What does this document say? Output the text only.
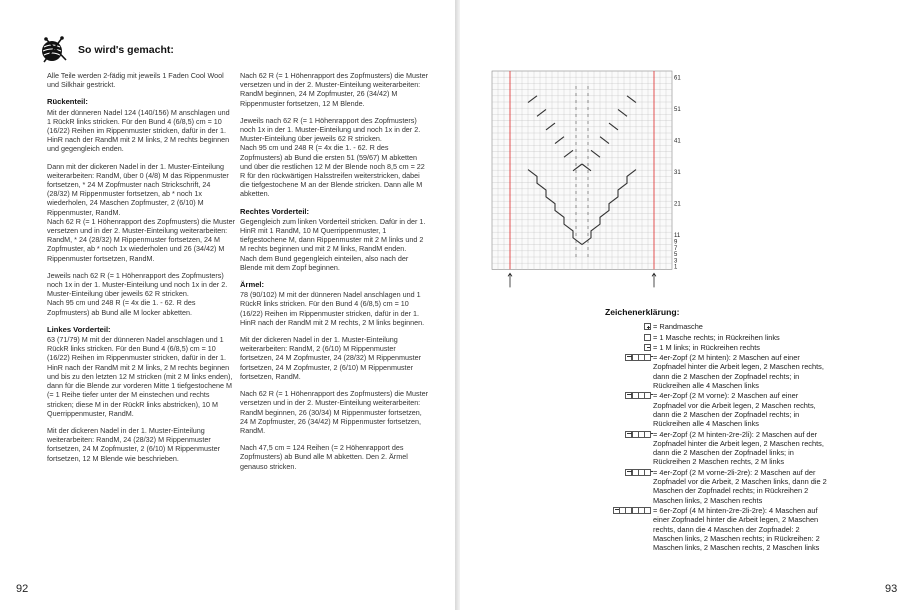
So wird's gemacht:

Alle Teile werden 2-fädig mit jeweils 1 Faden Cool Wool und Silkhair gestrickt.

Rückenteil:
Mit der dünneren Nadel 124 (140/156) M anschlagen und 1 RückR links stricken. Für den Bund 4 (6/8,5) cm = 10 (16/22) Reihen im Rippenmuster stricken, dafür in der 1. HinR nach der RandM mit 2 M links, 2 M rechts beginnen und gegengleich enden.

Dann mit der dickeren Nadel in der 1. Muster-Einteilung weiterarbeiten: RandM, über 0 (4/8) M das Rippenmuster fortsetzen, * 24 M Zopfmuster nach Strickschrift, 24 (28/32) M Rippenmuster fortsetzen, ab * noch 1x wiederholen, 24 Maschen Zopfmuster, 2 (6/10) M Rippenmuster, RandM.
Nach 62 R (= 1 Höhenrapport des Zopfmusters) die Muster versetzen und in der 2. Muster-Einteilung weiterarbeiten: RandM, * 24 (28/32) M Rippenmuster fortsetzen, 24 M Zopfmuster, ab * noch 1x wiederholen und 26 (34/42) M Rippenmuster fortsetzen, RandM.

Jeweils nach 62 R (= 1 Höhenrapport des Zopfmusters) noch 1x in der 1. Muster-Einteilung und noch 1x in der 2. Muster-Einteilung über jeweils 62 R stricken.
Nach 95 cm und 248 R (= 4x die 1. - 62. R des Zopfmusters) ab Bund alle M locker abketten.

Linkes Vorderteil:
63 (71/79) M mit der dünneren Nadel anschlagen und 1 RückR links stricken. Für den Bund 4 (6/8,5) cm = 10 (16/22) Reihen im Rippenmuster stricken, dafür in der 1. HinR nach der RandM mit 2 M links, 2 M rechts beginnen und bis zu den letzten 12 M stricken (mit 2 M links enden), dann für die Blende zur vorderen Mitte 1 tiefgestochene M (= 1 Reihe tiefer unter der M einstechen und rechts stricken; diese M in der RückR links abstricken), 10 M Querrippenmuster, RandM.

Mit der dickeren Nadel in der 1. Muster-Einteilung weiterarbeiten: RandM, 24 (28/32) M Rippenmuster fortsetzen, 24 M Zopfmuster, 2 (6/10) M Rippenmuster fortsetzen, 12 M Blende wie beschrieben.

Nach 62 R (= 1 Höhenrapport des Zopfmusters) die Muster versetzen und in der 2. Muster-Einteilung weiterarbeiten: RandM beginnen, 24 M Zopfmuster, 26 (34/42) M Rippenmuster fortsetzen, 12 M Blende.

Jeweils nach 62 R (= 1 Höhenrapport des Zopfmusters) noch 1x in der 1. Muster-Einteilung und noch 1x in der 2. Muster-Einteilung über jeweils 62 R stricken.
Nach 95 cm und 248 R (= 4x die 1. - 62. R des Zopfmusters) ab Bund die ersten 51 (59/67) M abketten und über die restlichen 12 M der Blende noch 8,5 cm = 22 R für den rückwärtigen Halsstreifen weiterstricken, dabei die tiefgestochene M an der Blende stricken. Dann alle M abketten.

Rechtes Vorderteil:
Gegengleich zum linken Vorderteil stricken. Dafür in der 1. HinR mit 1 RandM, 10 M Querrippenmuster, 1 tiefgestochene M, dann Rippenmuster mit 2 M links und 2 M rechts beginnen und mit 2 M links, RandM enden.
Nach dem Bund gegengleich einteilen, also nach der Blende mit dem Zopf beginnen.

Ärmel:
78 (90/102) M mit der dünneren Nadel anschlagen und 1 RückR links stricken. Für den Bund 4 (6/8,5) cm = 10 (16/22) Reihen im Rippenmuster stricken, dafür in der 1. HinR nach der RandM mit 2 M rechts, 2 M links beginnen.

Mit der dickeren Nadel in der 1. Muster-Einteilung weiterarbeiten: RandM, 2 (6/10) M Rippenmuster fortsetzen, 24 M Zopfmuster, 24 (28/32) M Rippenmuster fortsetzen, 24 M Zopfmuster, 2 (6/10) M Rippenmuster fortsetzen, RandM.

Nach 62 R (= 1 Höhenrapport des Zopfmusters) die Muster versetzen und in der 2. Muster-Einteilung weiterarbeiten: RandM beginnen, 26 (30/34) M Rippenmuster fortsetzen, 24 M Zopfmuster, 26 (34/42) M Rippenmuster fortsetzen, RandM.

Nach 47,5 cm = 124 Reihen (= 2 Höhenrapport des Zopfmusters) ab Bund alle M abketten. Den 2. Ärmel genauso stricken.

92
61
51
41
31
21
11
9
7
5
3
1
Zeichenerklärung:
= Randmasche
= 1 Masche rechts; in Rückreihen links
= 1 M links; in Rückreihen rechts
= 4er-Zopf (2 M hinten): 2 Maschen auf einer Zopfnadel hinter die Arbeit legen, 2 Maschen rechts, dann die 2 Maschen der Zopfnadel rechts; in Rückreihen alle 4 Maschen links
= 4er-Zopf (2 M vorne): 2 Maschen auf einer Zopfnadel vor die Arbeit legen, 2 Maschen rechts, dann die 2 Maschen der Zopfnadel rechts; in Rückreihen alle 4 Maschen links
= 4er-Zopf (2 M hinten-2re-2li): 2 Maschen auf der Zopfnadel hinter die Arbeit legen, 2 Maschen rechts, dann die 2 Maschen der Zopfnadel links; in Rückreihen 2 Maschen rechts, 2 M links
= 4er-Zopf (2 M vorne-2li-2re): 2 Maschen auf der Zopfnadel vor die Arbeit, 2 Maschen links, dann die 2 Maschen der Zopfnadel rechts; in Rückreihen 2 Maschen links, 2 Maschen rechts
= 6er-Zopf (4 M hinten-2re-2li-2re): 4 Maschen auf einer Zopfnadel hinter die Arbeit legen, 2 Maschen rechts, dann die 4 Maschen der Zopfnadel: 2 Maschen links, 2 Maschen rechts; in Rückreihen: 2 Maschen links, 2 Maschen rechts, 2 Maschen links
93
